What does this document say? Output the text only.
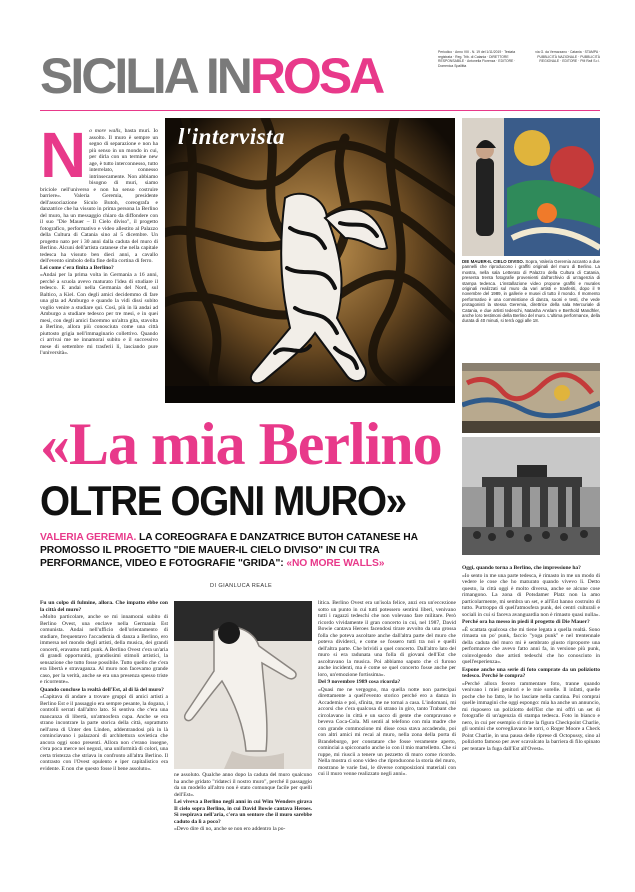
SICILIA INROSA	Periodico · Anno VIII - N. 19 del 1/11/2019 · Testata registrata · Reg. Trib. di Catania · DIRETTORE RESPONSABILE · Antonella Fiorenza · EDITORE · Domenica Spallitta
via G. da Verrazzano · Catania · STAMPA · PUBBLICITÀ NAZIONALE · PUBBLICITÀ REGIONALE · EDITORE · PM Rafi S.r.l.
N o more walls, basta muri. Io assolto. Il muro è sempre un segno di separazione e non ha più senso in un mondo in cui, per dirla con un termine new age, è tutto interconnesso, tutto interrelato, connesso intrinsecamente. Non abbiamo bisogno di muri, siamo briciole nell'universo e non ha senso costruire barriere». Valeria Geremia, presidente dell'associazione Siculo Butoh, coreografa e danzatrice che ha vissuto in prima persona la Berlino del muro, ha un messaggio chiaro da diffondere con il suo "Die Mauer – Il Cielo diviso", il progetto fotografico, performativo e video allestito al Palazzo della Cultura di Catania sino al 5 dicembre. Un progetto nato per i 30 anni dalla caduta del muro di Berlino. Alcuni dell'artista catanese che nella capitale tedesca ha vissuto ben dieci anni, a cavallo dell'evento simbolo della fine della cortina di ferro.

Lei come c'era finita a Berlino?

«Andai per la prima volta in Germania a 16 anni, perché a scuola avevo maturato l'idea di studiare il tedesco. E andai nella Germania del Nord, sul Baltico, a Kiel. Con degli amici decidemmo di fare una gita ad Amburgo e quando la vidi dissi subito voglio venire a studiare qui. Così, più in là andai ad Amburgo a studiare tedesco per tre mesi, e in quei mesi, con degli amici facemmo un'altra gita, stavolta a Berlino, allora più conosciuta come una città piuttosto grigia nell'immaginario collettivo. Quando ci arrivai me ne innamorai subito e il successivo mese di settembre mi trasferii lì, lasciando pure l'università».

l'intervista
DIE MAUER-IL CIELO DIVISO. Sopra, Valeria Geremia accanto a due pannelli che riproducono i graffiti originali del muro di Berlino. La mostra, nella sala Letterato di Palazzo della Cultura di Catania, presenta trenta fotografie provenienti dall'archivio di un'agenzia di stampa tedesca. L'installazione video propone graffiti e murales originali realizzati sul muro da vari artisti e trasferiti, dopo il 9 novembre del 1989, in gallerie e musei di tutto il mondo. Il momento performativo è una commistione di danza, suoni e testi, che vede protagonisti la stessa Geremia, direttrice della sala Mercuriale di Catania, e due artisti tedeschi, Natasha Anslam e Berthold Mandhler, anche loro testimoni della Berlino del muro. L'ultima performance, della durata di 40 minuti, si terrà oggi alle 18.
«La mia Berlino
OLTRE OGNI MURO»
VALERIA GEREMIA. LA COREOGRAFA E DANZATRICE BUTOH CATANESE HA PROMOSSO IL PROGETTO "DIE MAUER-IL CIELO DIVISO" IN CUI TRA PERFORMANCE, VIDEO E FOTOGRAFIE "GRIDA": «NO MORE WALLS»
DI GIANLUCA REALE

Fu un colpo di fulmine, allora. Che impatto ebbe con la città del muro?

«Molto particolare, anche se mi innamorai subito di Berlino Ovest, una enclave nella Germania Est comunista. Andai nell'ufficio dell'orientamento di studiare, frequentavo l'accademia di danza a Berlino, ero immersa nel mondo degli artisti, della musica, dei grandi concerti, eravamo tutti punk. A Berlino Ovest c'era un'aria di grandi opportunità, grandissimi stimoli artistici, la sensazione che tutto fosse possibile. Tutto quello che c'era era libertà e stravaganza. Al muro non facevamo grande caso, per la verità, anche se era una presenza spesso triste e ricorrente».

Quando concluse la realtà dell'Est, al di là del muro?

«Capitava di andare a trovare gruppi di amici artisti a Berlino Est e il passaggio era sempre pesante, la dogana, i controlli serrati dall'altro lato. Si sentiva che c'era una mancanza di libertà, un'atmosfera cupa. Anche se era strano incontrare la parte storica della città, soprattutto nell'area di Unter den Linden, addentrandosi più in là cominciavano i palazzoni di architettura sovietica che ancora oggi sono presenti. Allora non c'erano insegne, c'era poca merce nei negozi, una uniformità di colori, una certa tristezza che striava in confronto all'altra Berlino. Il contrasto con l'Ovest opulento e iper capitalistico era evidente. E non che questo fosse il bene assoluto».

ne assoluto. Qualche anno dopo la caduta del muro qualcuno ha anche gridato "ridateci il nostro muro", perché il passaggio da un modello all'altro non è stato comunque facile per quelli dell'Est».

Lei viveva a Berlino negli anni in cui Wim Wenders girava Il cielo sopra Berlino, in cui David Bowie cantava Heroes. Si respirava nell'aria, c'era un sentore che il muro sarebbe caduto da lì a poco?

«Devo dire di no, anche se non ero addentro la po-

litica. Berlino Ovest era un'isola felice, anzi era un'eccezione sotto un punto in cui tutti potessero sentirsi liberi, venivano tutti i ragazzi tedeschi che non volevano fare militare. Però ricordo vividamente il gran concerto in cui, nel 1987, David Bowie cantava Heroes facendosi tirare avvolto da una grossa folla che poteva ascoltare anche dall'altra parte del muro che poteva dividerci, e come se fossero tutti tra noi e quelli dell'altra parte. Che brividi a quel concerto. Dall'altro lato del muro si era radunata una folla di giovani dell'Est che ascoltavano la musica. Poi abbiamo saputo che ci furono anche incidenti, ma è come se quel concerto fosse anche per loro, un'emozione fortissima».

Del 9 novembre 1989 cosa ricorda?

«Quasi me ne vergogno, ma quella notte non partecipai direttamente a quell'evento storico perché ero a danza in Accademia e poi, sfinita, me ne tornai a casa. L'indomani, mi accorsi che c'era qualcosa di strano in giro, tanto Trabant che circolavano in città e un sacco di gente che compravano e beveva Coca-Cola. Mi sentii al telefono con mia madre che con grande commozione mi disse cosa stava accadendo, poi con altri amici mi recai al muro, nella zona della porta di Brandeburgo, per constatare che fosse veramente aperto, cominciai a spicconarlo anche io con il mio martelletto. Che si ruppe, mi riuscii a tenere un pezzetto di muro come ricordo. Nella mostra ci sono video che riproducono la storia del muro, mostrano le varie fasi, le diverse composizioni materiali con cui il muro venne realizzato negli anni».

Oggi, quando torna a Berlino, che impressione ha?

«Io sento in me una parte tedesca, è rimasto in me un modo di vedere le cose che ho maturato quando vivevo lì. Detto questo, la città oggi è molto diversa, anche se alcune cose rimangono. La zona di Potsdamer Platz non la amo particolarmente, mi sembra un set, e all'Est hanno costruito di tutto. Purtroppo di quell'atmosfera punk, dei centri culturali e sociali in cui si faceva avanguardia non è rimasto quasi nulla».

Perché ora ha messo in piedi il progetto di Die Mauer?

«È scattata qualcosa che mi tiene legata a quella realtà. Sono rimasta un po' punk, faccio "yoga punk" e nel trentennale della caduta del muro mi è sembrato giusto riproporre una performance che avevo fatto anni fa, in versione più punk, coinvolgendo due artisti tedeschi che ho conosciuto in quell'esperienza».

Espone anche una serie di foto comprate da un poliziotto tedesco. Perché le compra?

«Perché allora fecero rammentare foto, tranne quando venivano i miei genitori e le mie sorelle. Il infatti, quelle poche che ho fatto, le ho lasciate nella cantina. Poi comprai quelle immagini che oggi espongo: mia ha anche un annuncio, mi risposero un poliziotto dell'Est che mi offrì un set di fotografie di un'agenzia di stampa tedesca. Foto in bianco e nero, in cui per esempio si ritrae la figura Checkpoint Charlie, gli uomini che sorvegliavano le torri, o Roger Moore a Check Point Charlie, in una pausa delle riprese di Octopussy, sino al poliziotto famoso per aver scavalcato la barriera di filo spinato per tentare la fuga dall'Est all'Ovest».
